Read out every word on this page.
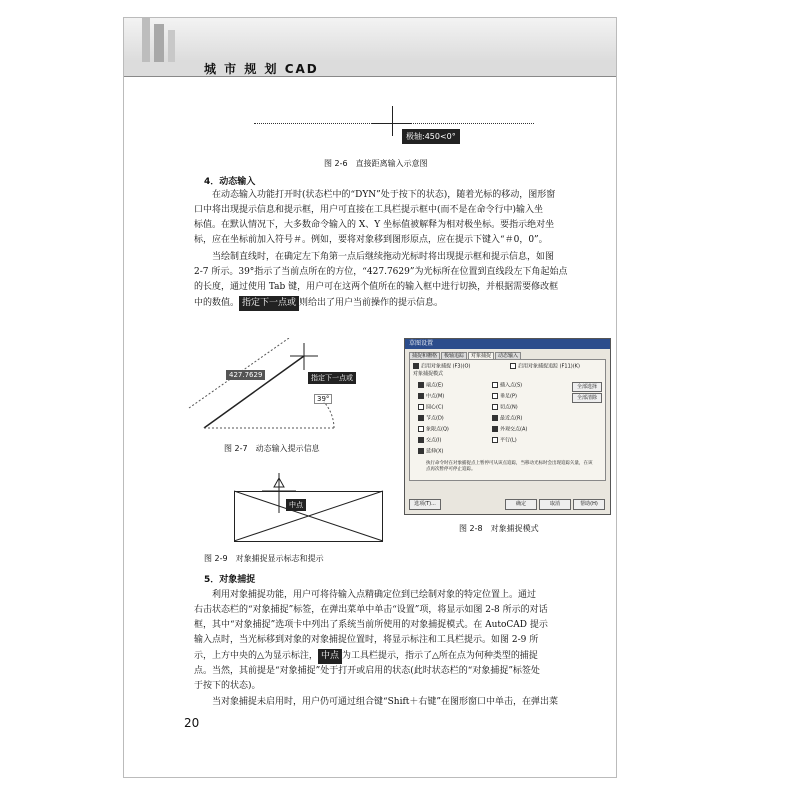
城 市 规 划 CAD
极轴:450<0°
图 2-6　直接距离输入示意图
4．动态输入
在动态输入功能打开时(状态栏中的“DYN”处于按下的状态)，随着光标的移动，图形窗
口中将出现提示信息和提示框，用户可直接在工具栏提示框中(而不是在命令行中)输入坐
标值。在默认情况下，大多数命令输入的 X、Y 坐标值被解释为相对极坐标。要指示绝对坐
标，应在坐标前加入符号＃。例如，要将对象移到图形原点，应在提示下键入“＃0，0”。
当绘制直线时，在确定左下角第一点后继续拖动光标时将出现提示框和提示信息，如图
2-7 所示。39°指示了当前点所在的方位，“427.7629”为光标所在位置到直线段左下角起始点
的长度，通过使用 Tab 键，用户可在这两个值所在的输入框中进行切换，并根据需要修改框
中的数值。 指定下一点或 则给出了用户当前操作的提示信息。
427.7629	指定下一点或
39°
图 2-7　动态输入提示信息
草图设置
捕捉和栅格 极轴追踪 对象捕捉 动态输入
启用对象捕捉 (F3)(O)	启用对象捕捉追踪 (F11)(K)
对象捕捉模式
端点(E)
中点(M)
圆心(C)
节点(D)
象限点(Q)
交点(I)
延伸(X)
插入点(S)
垂足(P)
切点(N)
最近点(R)
外观交点(A)
平行(L)
全部选择
全部清除
执行命令时在对象捕捉点上暂停可从该点追踪，当移动光标时会出现追踪矢量，在该点再次暂停可停止追踪。
选项(T)...	确定	取消	帮助(H)
图 2-8　对象捕捉模式
中点
图 2-9　对象捕捉显示标志和提示
5．对象捕捉
利用对象捕捉功能，用户可将待输入点精确定位到已绘制对象的特定位置上。通过
右击状态栏的“对象捕捉”标签，在弹出菜单中单击“设置”项，将显示如图 2-8 所示的对话
框，其中“对象捕捉”选项卡中列出了系统当前所使用的对象捕捉模式。在 AutoCAD 提示
输入点时，当光标移到对象的对象捕捉位置时，将显示标注和工具栏提示。如图 2-9 所
示，上方中央的△为显示标注， 中点 为工具栏提示，指示了△所在点为何种类型的捕捉
点。当然，其前提是“对象捕捉”处于打开或启用的状态(此时状态栏的“对象捕捉”标签处
于按下的状态)。
当对象捕捉未启用时，用户仍可通过组合键“Shift＋右键”在图形窗口中单击，在弹出菜
20
